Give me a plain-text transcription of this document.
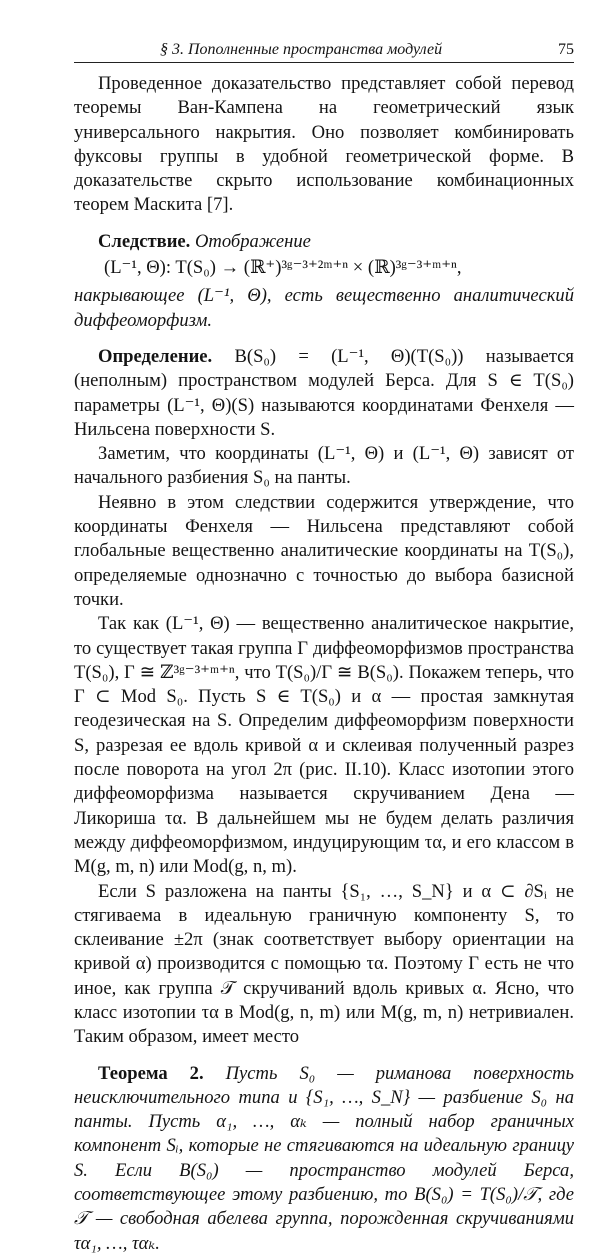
§ 3. Пополненные пространства модулей	75

Проведенное доказательство представляет собой перевод теоремы Ван-Кампена на геометрический язык универсального накрытия. Оно позволяет комбинировать фуксовы группы в удобной геометрической форме. В доказательстве скрыто использование комбинационных теорем Маскита [7].

Следствие. Отображение

(L⁻¹, Θ): T(S₀) → (ℝ⁺)³ᵍ⁻³⁺²ᵐ⁺ⁿ × (ℝ)³ᵍ⁻³⁺ᵐ⁺ⁿ,

накрывающее (L⁻¹, Θ), есть вещественно аналитический диффеоморфизм.

Определение. B(S₀) = (L⁻¹, Θ)(T(S₀)) называется (неполным) пространством модулей Берса. Для S ∈ T(S₀) параметры (L⁻¹, Θ)(S) называются координатами Фенхеля — Нильсена поверхности S.

Заметим, что координаты (L⁻¹, Θ) и (L⁻¹, Θ) зависят от начального разбиения S₀ на панты.

Неявно в этом следствии содержится утверждение, что координаты Фенхеля — Нильсена представляют собой глобальные вещественно аналитические координаты на T(S₀), определяемые однозначно с точностью до выбора базисной точки.

Так как (L⁻¹, Θ) — вещественно аналитическое накрытие, то существует такая группа Γ диффеоморфизмов пространства T(S₀), Γ ≅ ℤ³ᵍ⁻³⁺ᵐ⁺ⁿ, что T(S₀)/Γ ≅ B(S₀). Покажем теперь, что Γ ⊂ Mod S₀. Пусть S ∈ T(S₀) и α — простая замкнутая геодезическая на S. Определим диффеоморфизм поверхности S, разрезая ее вдоль кривой α и склеивая полученный разрез после поворота на угол 2π (рис. II.10). Класс изотопии этого диффеоморфизма называется скручиванием Дена — Ликориша τα. В дальнейшем мы не будем делать различия между диффеоморфизмом, индуцирующим τα, и его классом в M(g, m, n) или Mod(g, n, m).

Если S разложена на панты {S₁, …, S_N} и α ⊂ ∂Sᵢ не стягиваема в идеальную граничную компоненту S, то склеивание ±2π (знак соответствует выбору ориентации на кривой α) производится с помощью τα. Поэтому Γ есть не что иное, как группа 𝒯 скручиваний вдоль кривых α. Ясно, что класс изотопии τα в Mod(g, n, m) или M(g, m, n) нетривиален. Таким образом, имеет место

Теорема 2. Пусть S₀ — риманова поверхность неисключительного типа и {S₁, …, S_N} — разбиение S₀ на панты. Пусть α₁, …, αₖ — полный набор граничных компонент Sᵢ, которые не стягиваются на идеальную границу S. Если B(S₀) — пространство модулей Берса, соответствующее этому разбиению, то B(S₀) = T(S₀)/𝒯, где 𝒯 — свободная абелева группа, порожденная скручиваниями τα₁, …, ταₖ.
